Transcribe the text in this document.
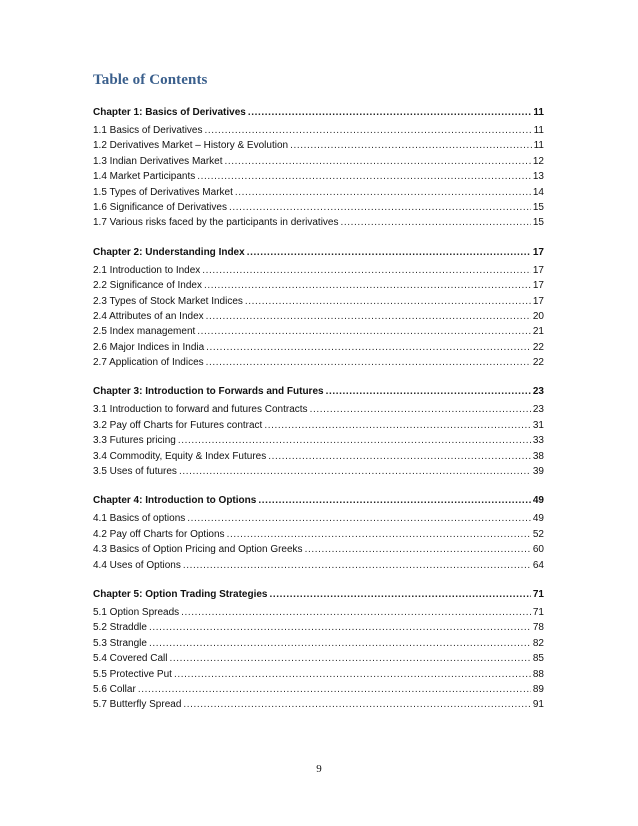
Table of Contents
Chapter 1: Basics of Derivatives .....	11
1.1 Basics of Derivatives .....	11
1.2 Derivatives Market – History & Evolution .....	11
1.3 Indian Derivatives Market .....	12
1.4 Market Participants .....	13
1.5 Types of Derivatives Market .....	14
1.6 Significance of Derivatives .....	15
1.7 Various risks faced by the participants in derivatives .....	15
Chapter 2: Understanding Index .....	17
2.1 Introduction to Index .....	17
2.2 Significance of Index .....	17
2.3 Types of Stock Market Indices .....	17
2.4 Attributes of an Index .....	20
2.5 Index management .....	21
2.6 Major Indices in India .....	22
2.7 Application of Indices .....	22
Chapter 3: Introduction to Forwards and Futures .....	23
3.1 Introduction to forward and futures Contracts .....	23
3.2 Pay off Charts for Futures contract .....	31
3.3 Futures pricing .....	33
3.4 Commodity, Equity & Index Futures .....	38
3.5 Uses of futures .....	39
Chapter 4: Introduction to Options .....	49
4.1 Basics of options .....	49
4.2 Pay off Charts for Options .....	52
4.3 Basics of Option Pricing and Option Greeks .....	60
4.4 Uses of Options .....	64
Chapter 5: Option Trading Strategies .....	71
5.1 Option Spreads .....	71
5.2 Straddle .....	78
5.3 Strangle .....	82
5.4 Covered Call .....	85
5.5 Protective Put .....	88
5.6 Collar .....	89
5.7 Butterfly Spread .....	91
9
